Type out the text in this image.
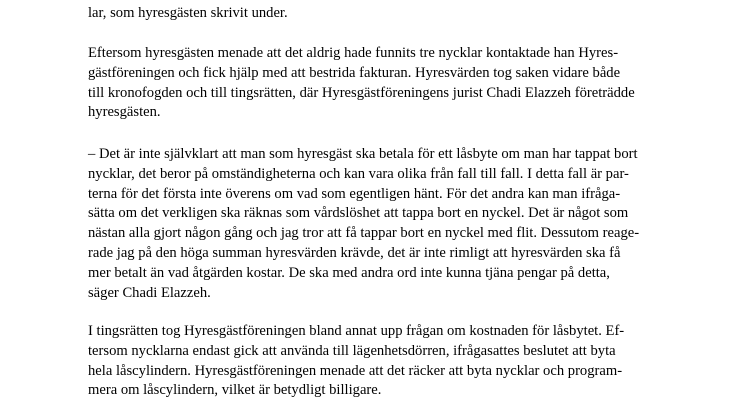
lar, som hyresgästen skrivit under.

Eftersom hyresgästen menade att det aldrig hade funnits tre nycklar kontaktade han Hyres-
gästföreningen och fick hjälp med att bestrida fakturan. Hyresvärden tog saken vidare både
till kronofogden och till tingsrätten, där Hyresgästföreningens jurist Chadi Elazzeh företrädde
hyresgästen.

– Det är inte självklart att man som hyresgäst ska betala för ett låsbyte om man har tappat bort
nycklar, det beror på omständigheterna och kan vara olika från fall till fall. I detta fall är par-
terna för det första inte överens om vad som egentligen hänt. För det andra kan man ifråga-
sätta om det verkligen ska räknas som vårdslöshet att tappa bort en nyckel. Det är något som
nästan alla gjort någon gång och jag tror att få tappar bort en nyckel med flit. Dessutom reage-
rade jag på den höga summan hyresvärden krävde, det är inte rimligt att hyresvärden ska få
mer betalt än vad åtgärden kostar. De ska med andra ord inte kunna tjäna pengar på detta,
säger Chadi Elazzeh.

I tingsrätten tog Hyresgästföreningen bland annat upp frågan om kostnaden för låsbytet. Ef-
tersom nycklarna endast gick att använda till lägenhetsdörren, ifrågasattes beslutet att byta
hela låscylindern. Hyresgästföreningen menade att det räcker att byta nycklar och program-
mera om låscylindern, vilket är betydligt billigare.
